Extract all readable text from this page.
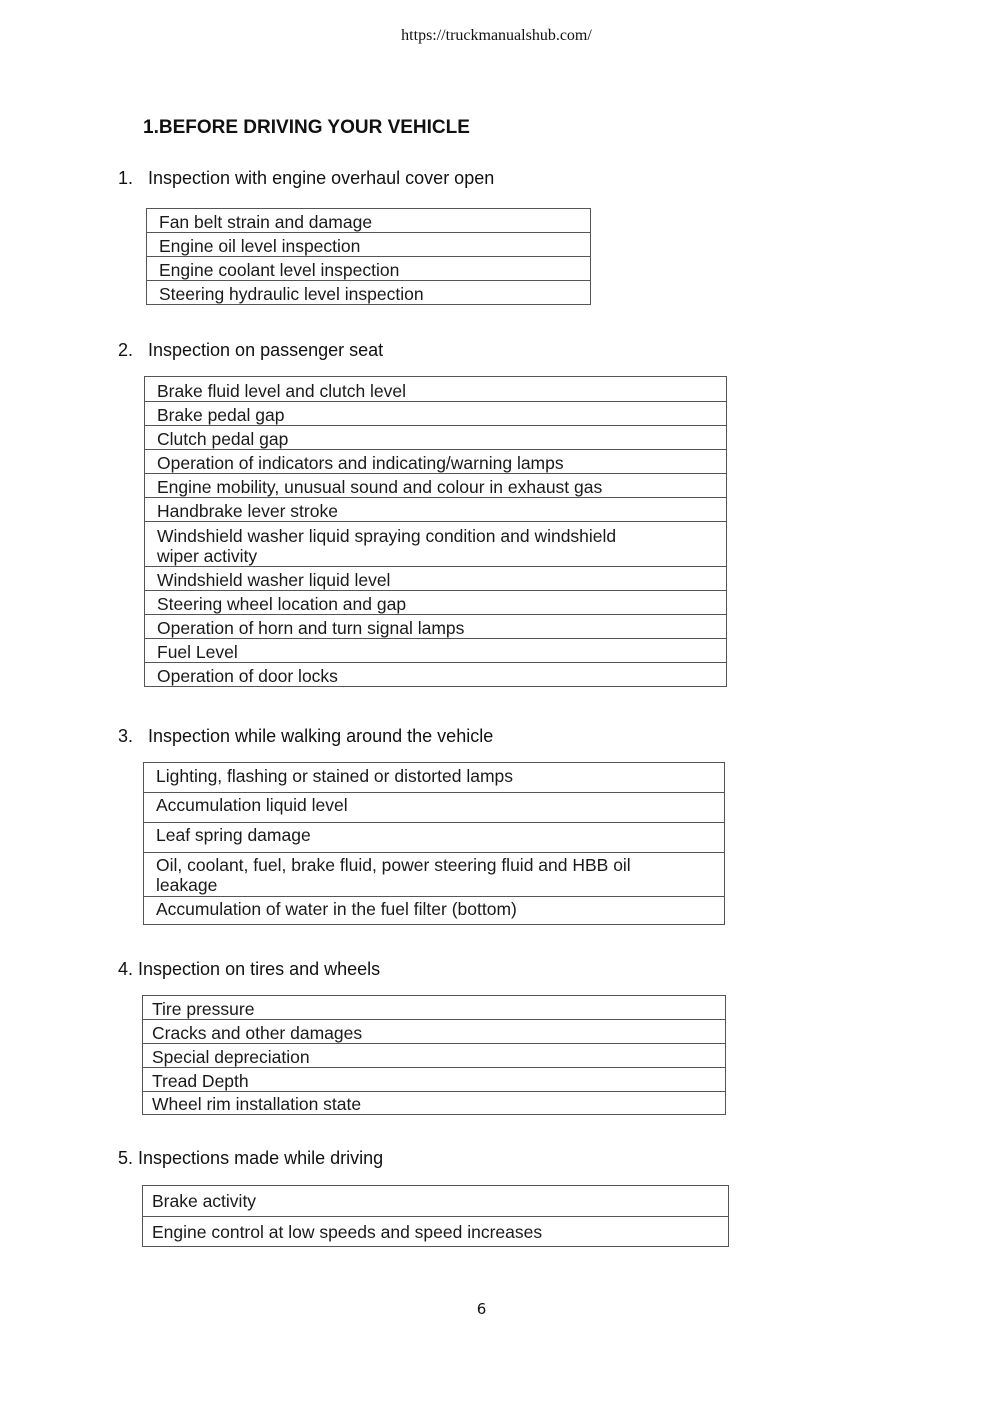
https://truckmanualshub.com/
1.BEFORE DRIVING YOUR VEHICLE
1. Inspection with engine overhaul cover open
Fan belt strain and damage
Engine oil level inspection
Engine coolant level inspection
Steering hydraulic level inspection
2. Inspection on passenger seat
Brake fluid level and clutch level
Brake pedal gap
Clutch pedal gap
Operation of indicators and indicating/warning lamps
Engine mobility, unusual sound and colour in exhaust gas
Handbrake lever stroke
Windshield washer liquid spraying condition and windshield wiper activity
Windshield washer liquid level
Steering wheel location and gap
Operation of horn and turn signal lamps
Fuel Level
Operation of door locks
3. Inspection while walking around the vehicle
Lighting, flashing or stained or distorted lamps
Accumulation liquid level
Leaf spring damage
Oil, coolant, fuel, brake fluid, power steering fluid and HBB oil leakage
Accumulation of water in the fuel filter (bottom)
4. Inspection on tires and wheels
Tire pressure
Cracks and other damages
Special depreciation
Tread Depth
Wheel rim installation state
5. Inspections made while driving
Brake activity
Engine control at low speeds and speed increases
6
